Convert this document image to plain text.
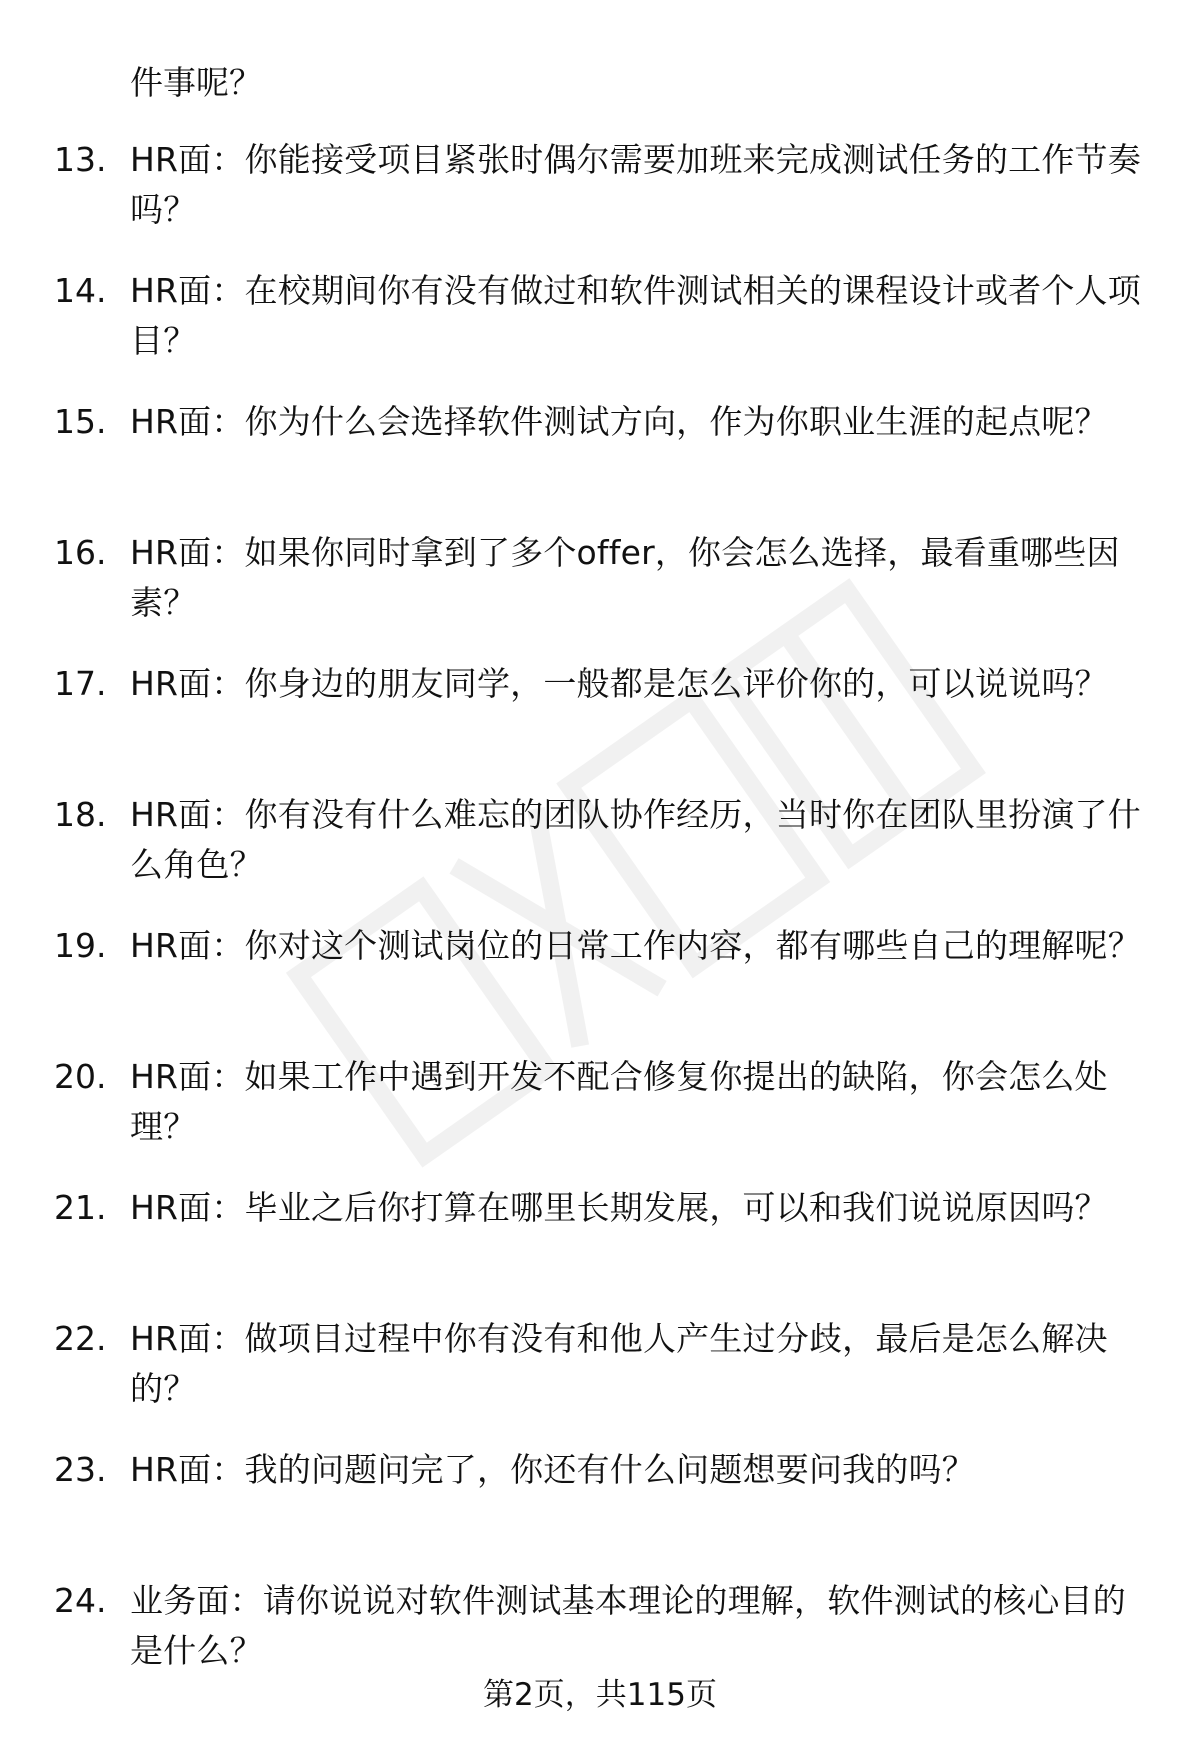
件事呢？

13. HR面：你能接受项目紧张时偶尔需要加班来完成测试任务的工作节奏吗？
14. HR面：在校期间你有没有做过和软件测试相关的课程设计或者个人项目？
15. HR面：你为什么会选择软件测试方向，作为你职业生涯的起点呢？
16. HR面：如果你同时拿到了多个offer，你会怎么选择，最看重哪些因素？
17. HR面：你身边的朋友同学，一般都是怎么评价你的，可以说说吗？
18. HR面：你有没有什么难忘的团队协作经历，当时你在团队里扮演了什么角色？
19. HR面：你对这个测试岗位的日常工作内容，都有哪些自己的理解呢？
20. HR面：如果工作中遇到开发不配合修复你提出的缺陷，你会怎么处理？
21. HR面：毕业之后你打算在哪里长期发展，可以和我们说说原因吗？
22. HR面：做项目过程中你有没有和他人产生过分歧，最后是怎么解决的？
23. HR面：我的问题问完了，你还有什么问题想要问我的吗？
24. 业务面：请你说说对软件测试基本理论的理解，软件测试的核心目的是什么？
第2页，共115页
